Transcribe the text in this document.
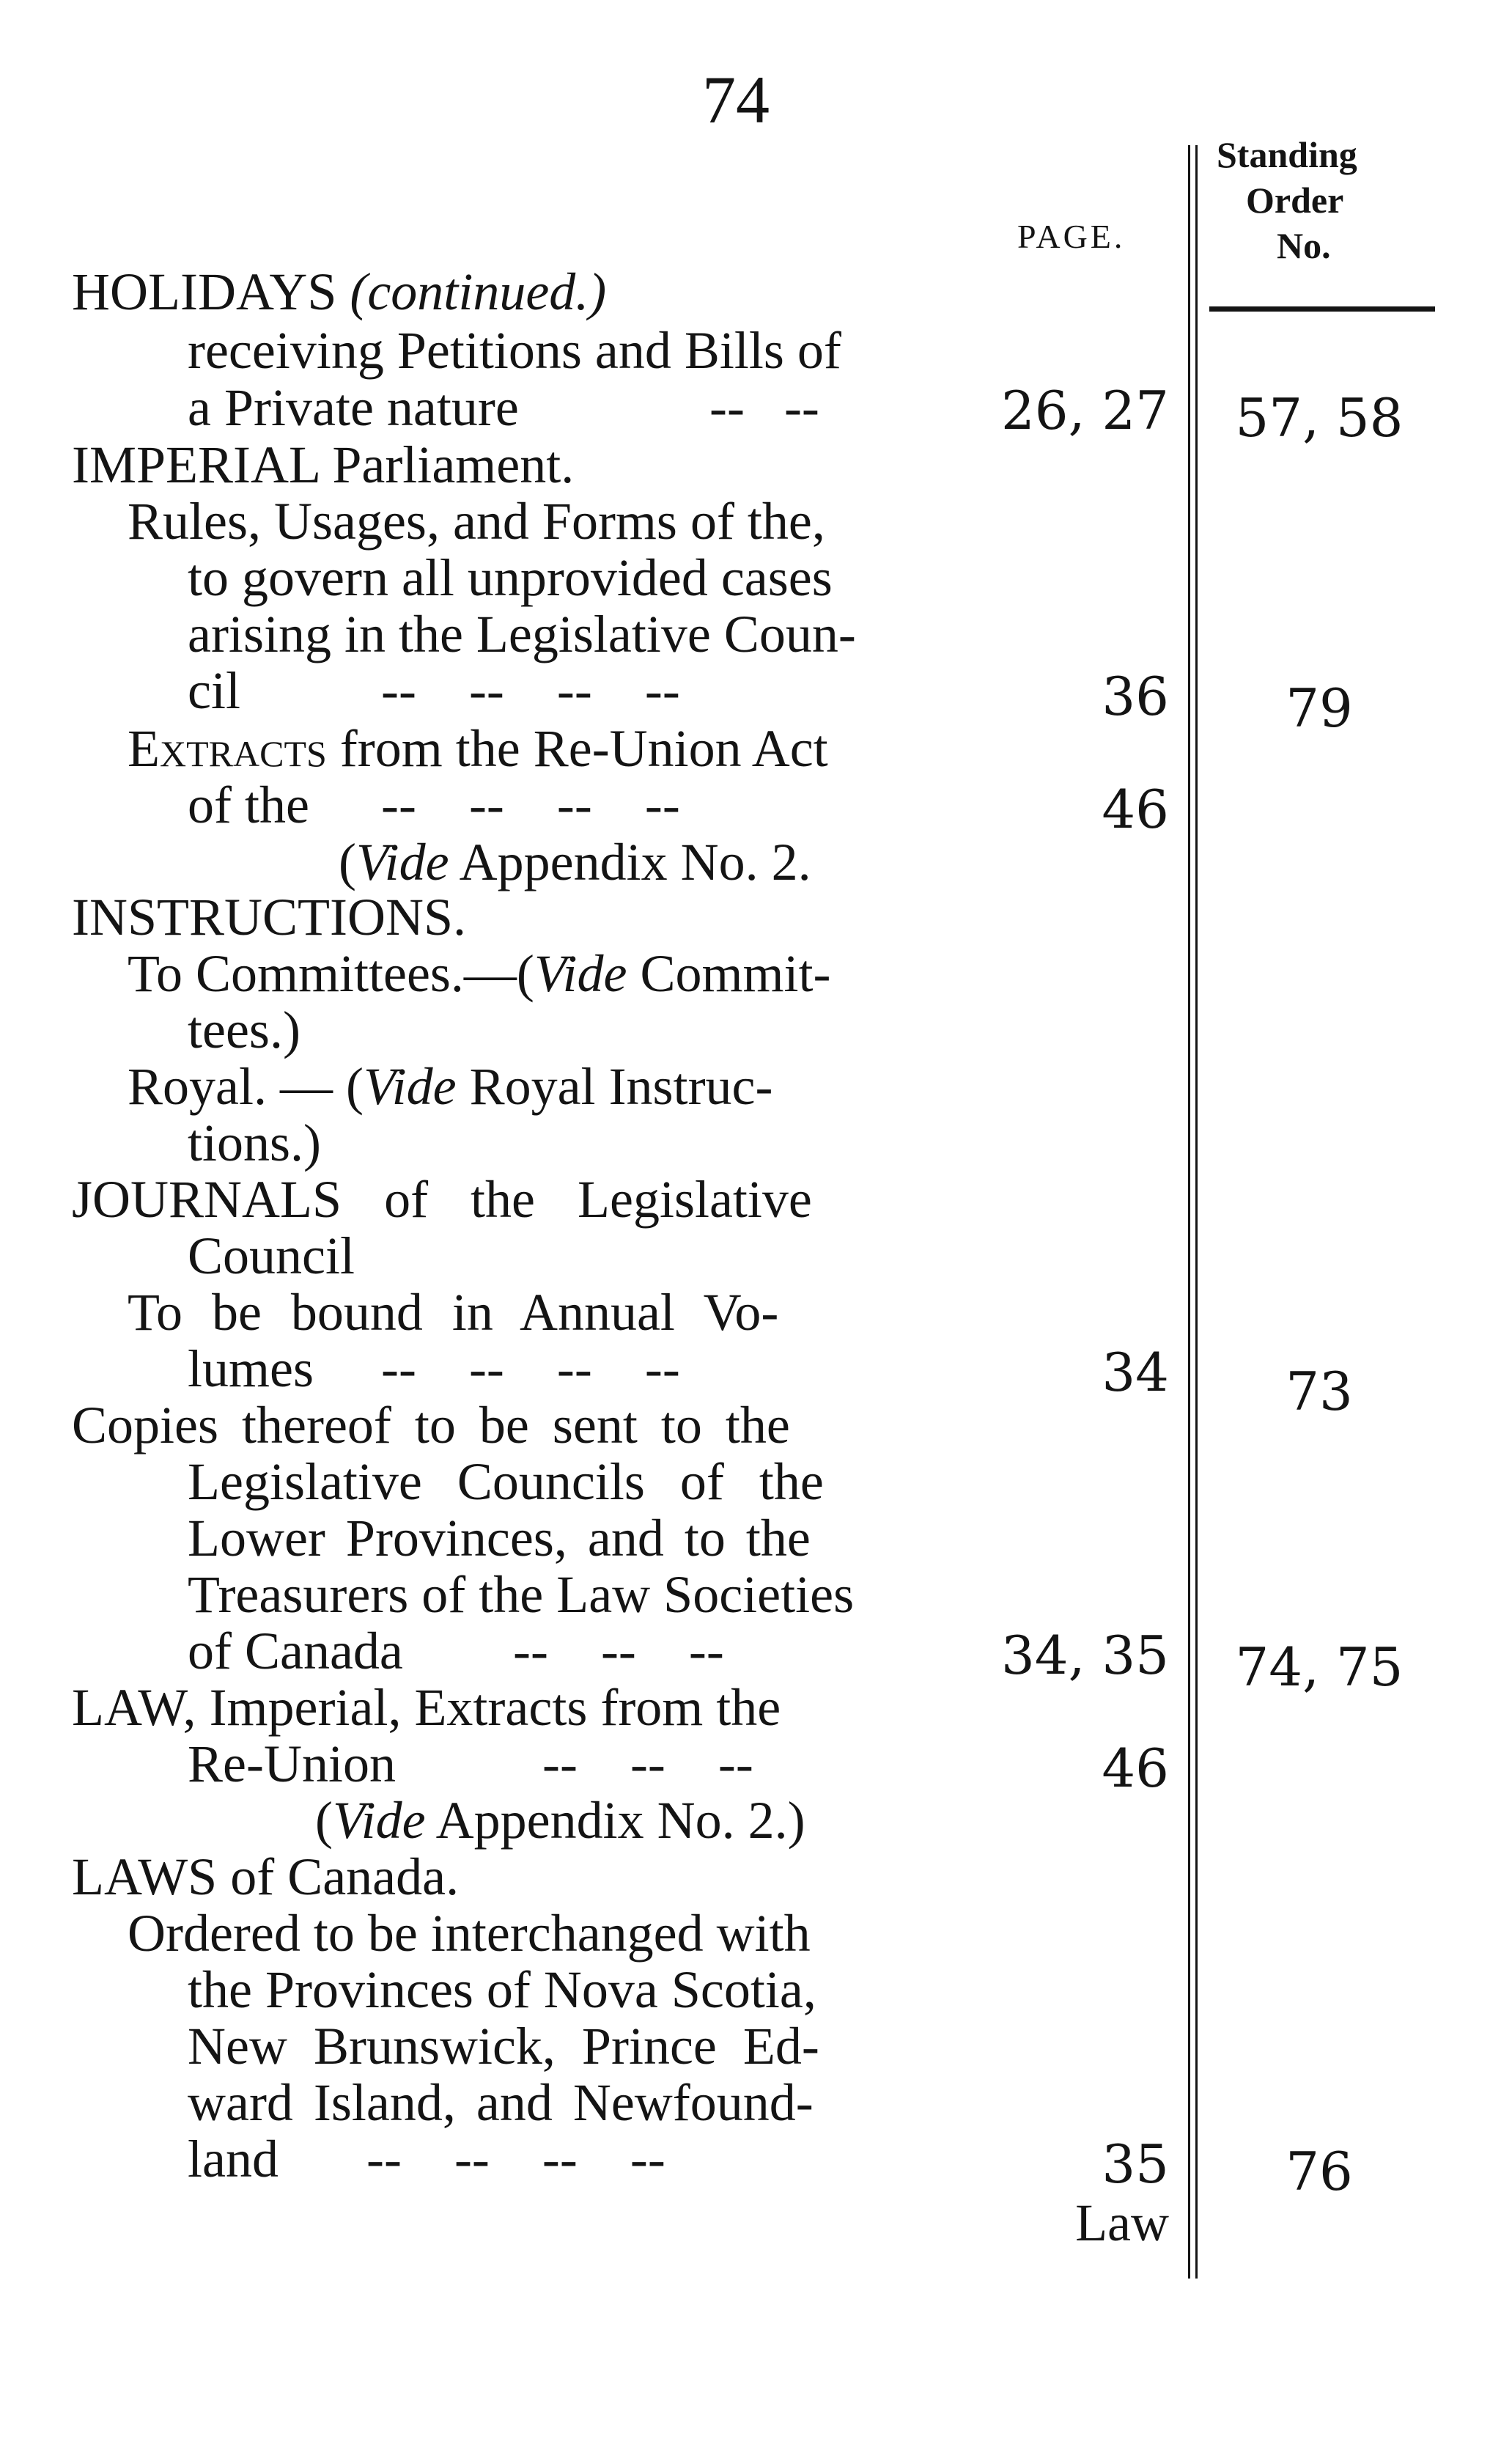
74
PAGE.
Standing
Order
No.
HOLIDAYS (continued.)
receiving Petitions and Bills of
a Private nature	--   --	26, 27	57, 58
IMPERIAL Parliament.
Rules, Usages, and Forms of the,
to govern all unprovided cases
arising in the Legislative Coun-
cil	--    --    --    --	36	79
Extracts from the Re-Union Act
of the --    --    --    --	46
(Vide Appendix No. 2.
INSTRUCTIONS.
To Committees.—(Vide Commit-
tees.)
Royal. — (Vide Royal Instruc-
tions.)
JOURNALS of the Legislative
Council
To be bound in Annual Vo-
lumes --    --    --    --	34	73
Copies thereof to be sent to the
Legislative Councils of the
Lower Provinces, and to the
Treasurers of the Law Societies
of Canada --    --    --	34, 35	74, 75
LAW, Imperial, Extracts from the
Re-Union	--    --    --	46
(Vide Appendix No. 2.)
LAWS of Canada.
Ordered to be interchanged with
the Provinces of Nova Scotia,
New Brunswick, Prince Ed-
ward Island, and Newfound-
land --    --    --    --	35	76
Law
